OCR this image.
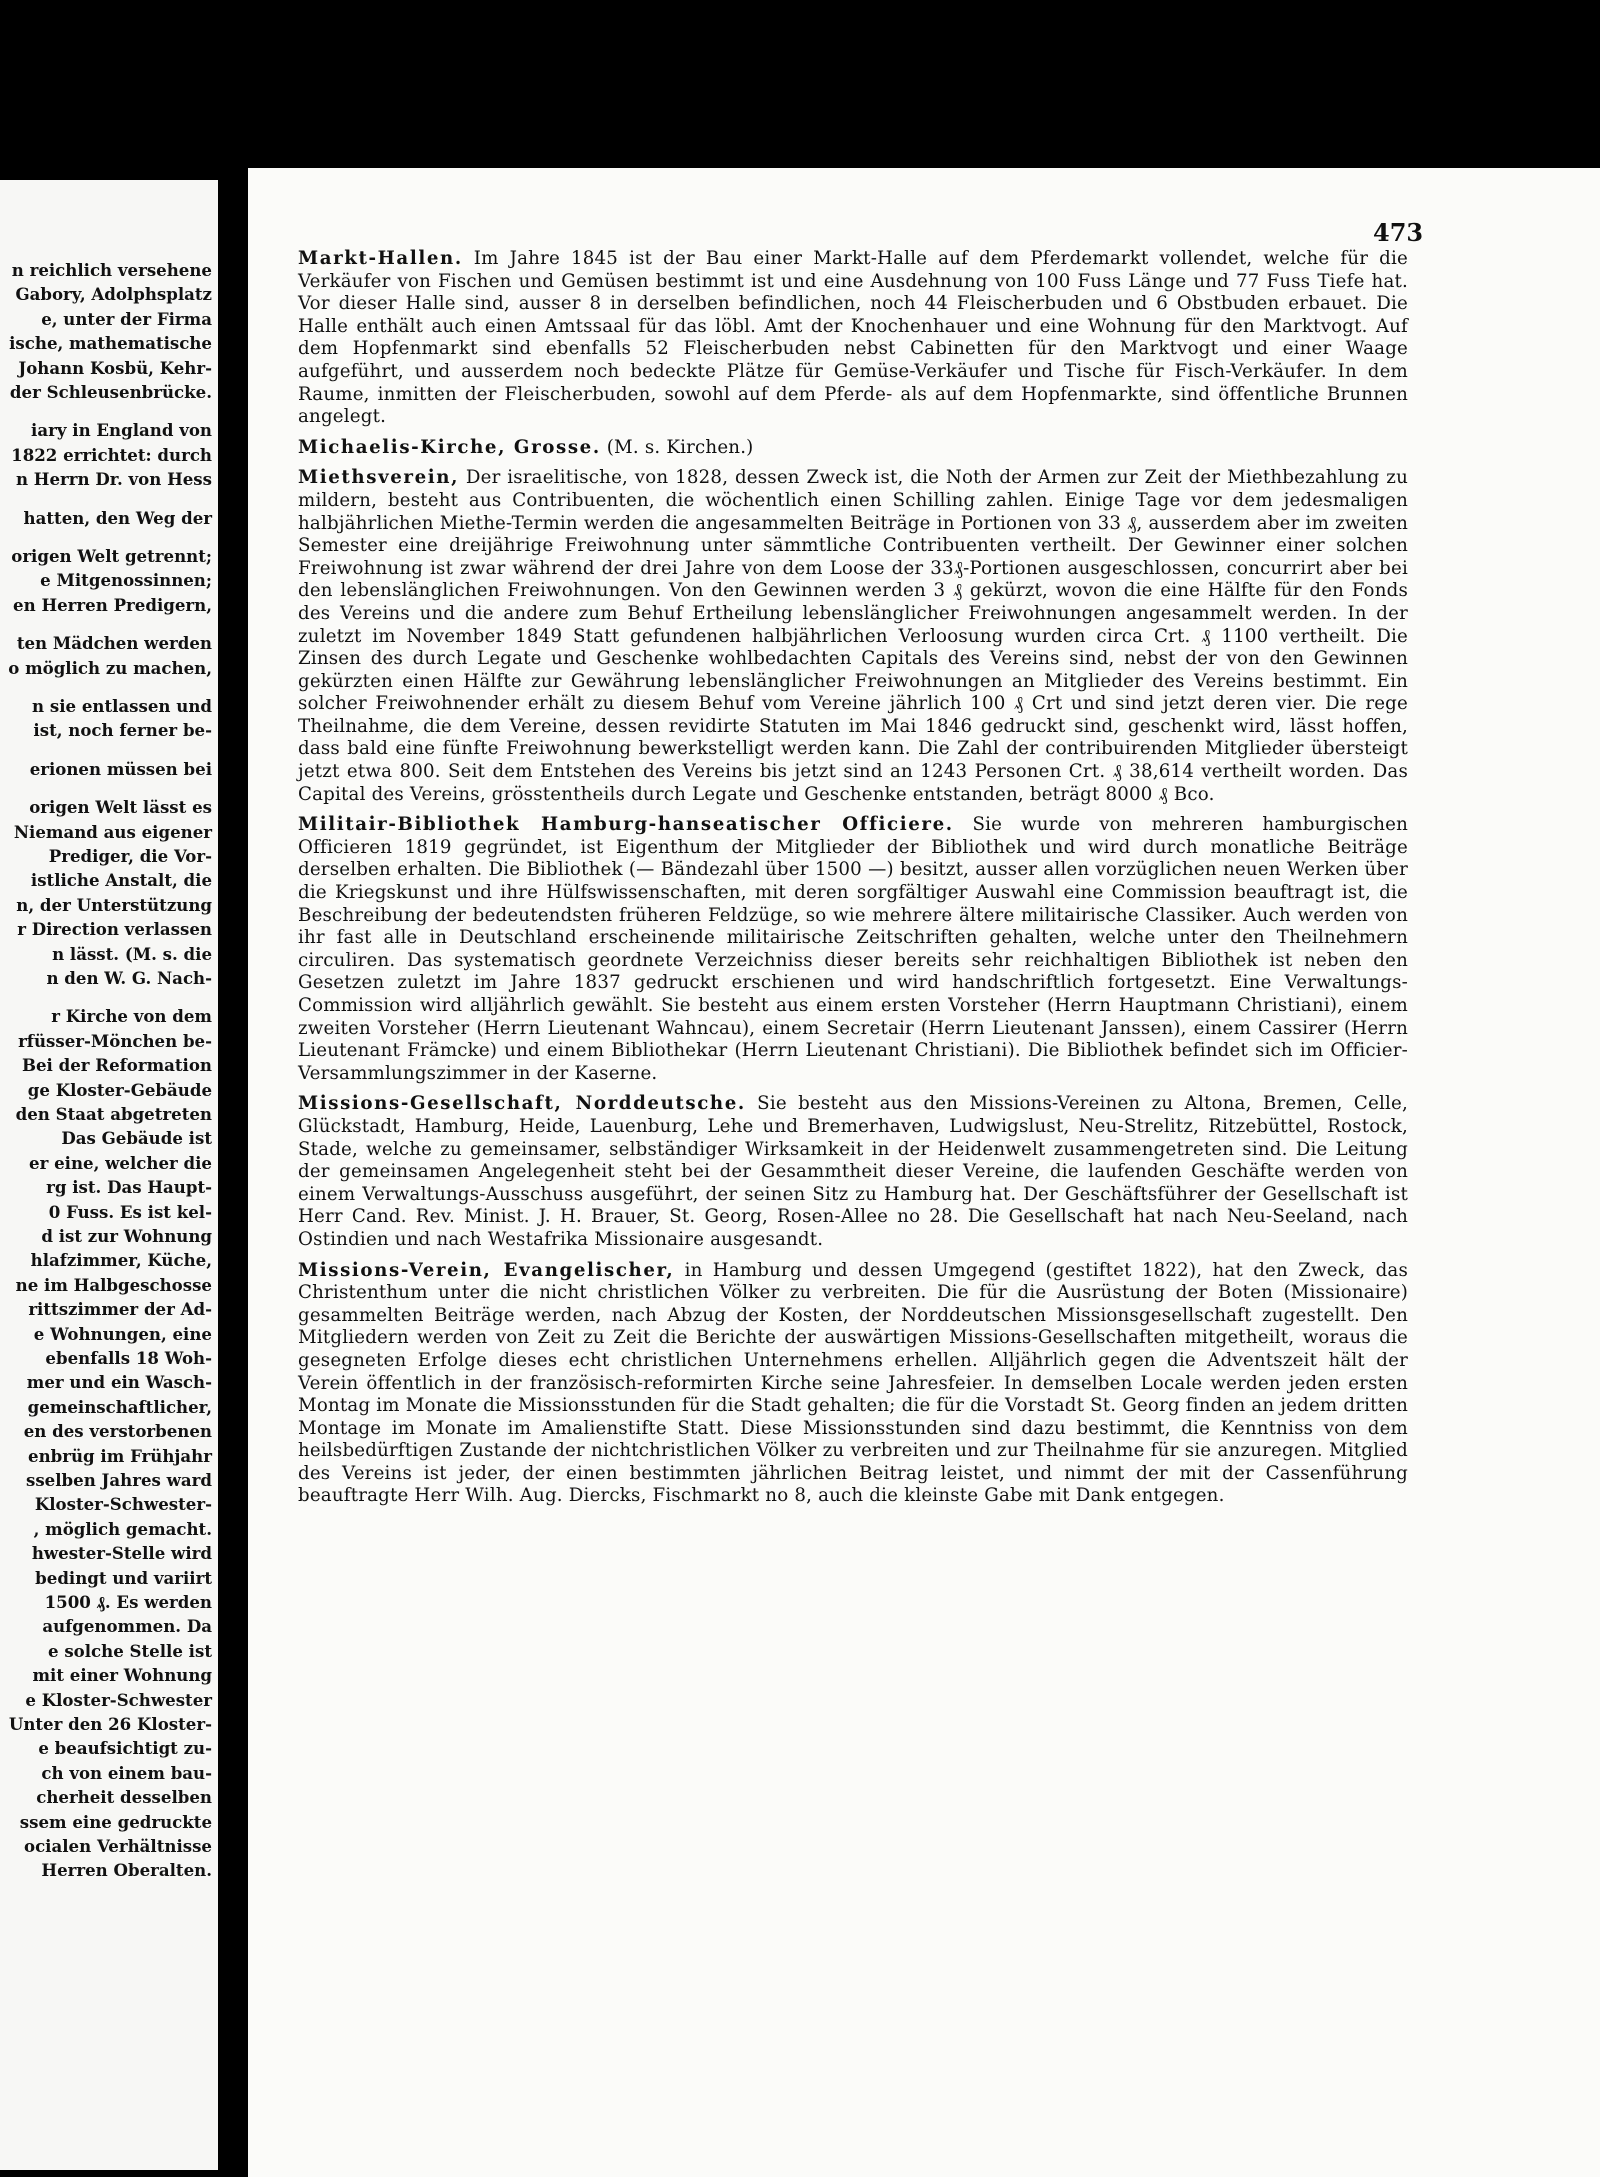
n reichlich versehene
Gabory, Adolphsplatz
e, unter der Firma
ische, mathematische
Johann Kosbü, Kehr-
der Schleusenbrücke.
iary in England von
1822 errichtet: durch
n Herrn Dr. von Hess
hatten, den Weg der
origen Welt getrennt;
e Mitgenossinnen;
en Herren Predigern,
ten Mädchen werden
o möglich zu machen,
n sie entlassen und
ist, noch ferner be-
erionen müssen bei
origen Welt lässt es
Niemand aus eigener
Prediger, die Vor-
istliche Anstalt, die
n, der Unterstützung
r Direction verlassen
n lässt. (M. s. die
n den W. G. Nach-
r Kirche von dem
rfüsser-Mönchen be-
Bei der Reformation
ge Kloster-Gebäude
den Staat abgetreten
Das Gebäude ist
er eine, welcher die
rg ist. Das Haupt-
0 Fuss. Es ist kel-
d ist zur Wohnung
hlafzimmer, Küche,
ne im Halbgeschosse
rittszimmer der Ad-
e Wohnungen, eine
ebenfalls 18 Woh-
mer und ein Wasch-
gemeinschaftlicher,
en des verstorbenen
enbrüg im Frühjahr
sselben Jahres ward
Kloster-Schwester-
, möglich gemacht.
hwester-Stelle wird
bedingt und variirt
1500 ₰. Es werden
aufgenommen. Da
e solche Stelle ist
mit einer Wohnung
e Kloster-Schwester
Unter den 26 Kloster-
e beaufsichtigt zu-
ch von einem bau-
cherheit desselben
ssem eine gedruckte
ocialen Verhältnisse
Herren Oberalten.
473

Markt-Hallen. Im Jahre 1845 ist der Bau einer Markt-Halle auf dem Pferdemarkt vollendet, welche für die Verkäufer von Fischen und Gemüsen bestimmt ist und eine Ausdehnung von 100 Fuss Länge und 77 Fuss Tiefe hat. Vor dieser Halle sind, ausser 8 in derselben befindlichen, noch 44 Fleischerbuden und 6 Obstbuden erbauet. Die Halle enthält auch einen Amtssaal für das löbl. Amt der Knochenhauer und eine Wohnung für den Marktvogt. Auf dem Hopfenmarkt sind ebenfalls 52 Fleischerbuden nebst Cabinetten für den Marktvogt und einer Waage aufgeführt, und ausserdem noch bedeckte Plätze für Gemüse-Verkäufer und Tische für Fisch-Verkäufer. In dem Raume, inmitten der Fleischerbuden, sowohl auf dem Pferde- als auf dem Hopfenmarkte, sind öffentliche Brunnen angelegt.

Michaelis-Kirche, Grosse. (M. s. Kirchen.)

Miethsverein, Der israelitische, von 1828, dessen Zweck ist, die Noth der Armen zur Zeit der Miethbezahlung zu mildern, besteht aus Contribuenten, die wöchentlich einen Schilling zahlen. Einige Tage vor dem jedesmaligen halbjährlichen Miethe-Termin werden die angesammelten Beiträge in Portionen von 33 ₰, ausserdem aber im zweiten Semester eine dreijährige Freiwohnung unter sämmtliche Contribuenten vertheilt. Der Gewinner einer solchen Freiwohnung ist zwar während der drei Jahre von dem Loose der 33₰-Portionen ausgeschlossen, concurrirt aber bei den lebenslänglichen Freiwohnungen. Von den Gewinnen werden 3 ₰ gekürzt, wovon die eine Hälfte für den Fonds des Vereins und die andere zum Behuf Ertheilung lebenslänglicher Freiwohnungen angesammelt werden. In der zuletzt im November 1849 Statt gefundenen halbjährlichen Verloosung wurden circa Crt. ₰ 1100 vertheilt. Die Zinsen des durch Legate und Geschenke wohlbedachten Capitals des Vereins sind, nebst der von den Gewinnen gekürzten einen Hälfte zur Gewährung lebenslänglicher Freiwohnungen an Mitglieder des Vereins bestimmt. Ein solcher Freiwohnender erhält zu diesem Behuf vom Vereine jährlich 100 ₰ Crt und sind jetzt deren vier. Die rege Theilnahme, die dem Vereine, dessen revidirte Statuten im Mai 1846 gedruckt sind, geschenkt wird, lässt hoffen, dass bald eine fünfte Freiwohnung bewerkstelligt werden kann. Die Zahl der contribuirenden Mitglieder übersteigt jetzt etwa 800. Seit dem Entstehen des Vereins bis jetzt sind an 1243 Personen Crt. ₰ 38,614 vertheilt worden. Das Capital des Vereins, grösstentheils durch Legate und Geschenke entstanden, beträgt 8000 ₰ Bco.

Militair-Bibliothek Hamburg-hanseatischer Officiere. Sie wurde von mehreren hamburgischen Officieren 1819 gegründet, ist Eigenthum der Mitglieder der Bibliothek und wird durch monatliche Beiträge derselben erhalten. Die Bibliothek (— Bändezahl über 1500 —) besitzt, ausser allen vorzüglichen neuen Werken über die Kriegskunst und ihre Hülfswissenschaften, mit deren sorgfältiger Auswahl eine Commission beauftragt ist, die Beschreibung der bedeutendsten früheren Feldzüge, so wie mehrere ältere militairische Classiker. Auch werden von ihr fast alle in Deutschland erscheinende militairische Zeitschriften gehalten, welche unter den Theilnehmern circuliren. Das systematisch geordnete Verzeichniss dieser bereits sehr reichhaltigen Bibliothek ist neben den Gesetzen zuletzt im Jahre 1837 gedruckt erschienen und wird handschriftlich fortgesetzt. Eine Verwaltungs-Commission wird alljährlich gewählt. Sie besteht aus einem ersten Vorsteher (Herrn Hauptmann Christiani), einem zweiten Vorsteher (Herrn Lieutenant Wahncau), einem Secretair (Herrn Lieutenant Janssen), einem Cassirer (Herrn Lieutenant Främcke) und einem Bibliothekar (Herrn Lieutenant Christiani). Die Bibliothek befindet sich im Officier-Versammlungszimmer in der Kaserne.

Missions-Gesellschaft, Norddeutsche. Sie besteht aus den Missions-Vereinen zu Altona, Bremen, Celle, Glückstadt, Hamburg, Heide, Lauenburg, Lehe und Bremerhaven, Ludwigslust, Neu-Strelitz, Ritzebüttel, Rostock, Stade, welche zu gemeinsamer, selbständiger Wirksamkeit in der Heidenwelt zusammengetreten sind. Die Leitung der gemeinsamen Angelegenheit steht bei der Gesammtheit dieser Vereine, die laufenden Geschäfte werden von einem Verwaltungs-Ausschuss ausgeführt, der seinen Sitz zu Hamburg hat. Der Geschäftsführer der Gesellschaft ist Herr Cand. Rev. Minist. J. H. Brauer, St. Georg, Rosen-Allee no 28. Die Gesellschaft hat nach Neu-Seeland, nach Ostindien und nach Westafrika Missionaire ausgesandt.

Missions-Verein, Evangelischer, in Hamburg und dessen Umgegend (gestiftet 1822), hat den Zweck, das Christenthum unter die nicht christlichen Völker zu verbreiten. Die für die Ausrüstung der Boten (Missionaire) gesammelten Beiträge werden, nach Abzug der Kosten, der Norddeutschen Missionsgesellschaft zugestellt. Den Mitgliedern werden von Zeit zu Zeit die Berichte der auswärtigen Missions-Gesellschaften mitgetheilt, woraus die gesegneten Erfolge dieses echt christlichen Unternehmens erhellen. Alljährlich gegen die Adventszeit hält der Verein öffentlich in der französisch-reformirten Kirche seine Jahresfeier. In demselben Locale werden jeden ersten Montag im Monate die Missionsstunden für die Stadt gehalten; die für die Vorstadt St. Georg finden an jedem dritten Montage im Monate im Amalienstifte Statt. Diese Missionsstunden sind dazu bestimmt, die Kenntniss von dem heilsbedürftigen Zustande der nichtchristlichen Völker zu verbreiten und zur Theilnahme für sie anzuregen. Mitglied des Vereins ist jeder, der einen bestimmten jährlichen Beitrag leistet, und nimmt der mit der Cassenführung beauftragte Herr Wilh. Aug. Diercks, Fischmarkt no 8, auch die kleinste Gabe mit Dank entgegen.
